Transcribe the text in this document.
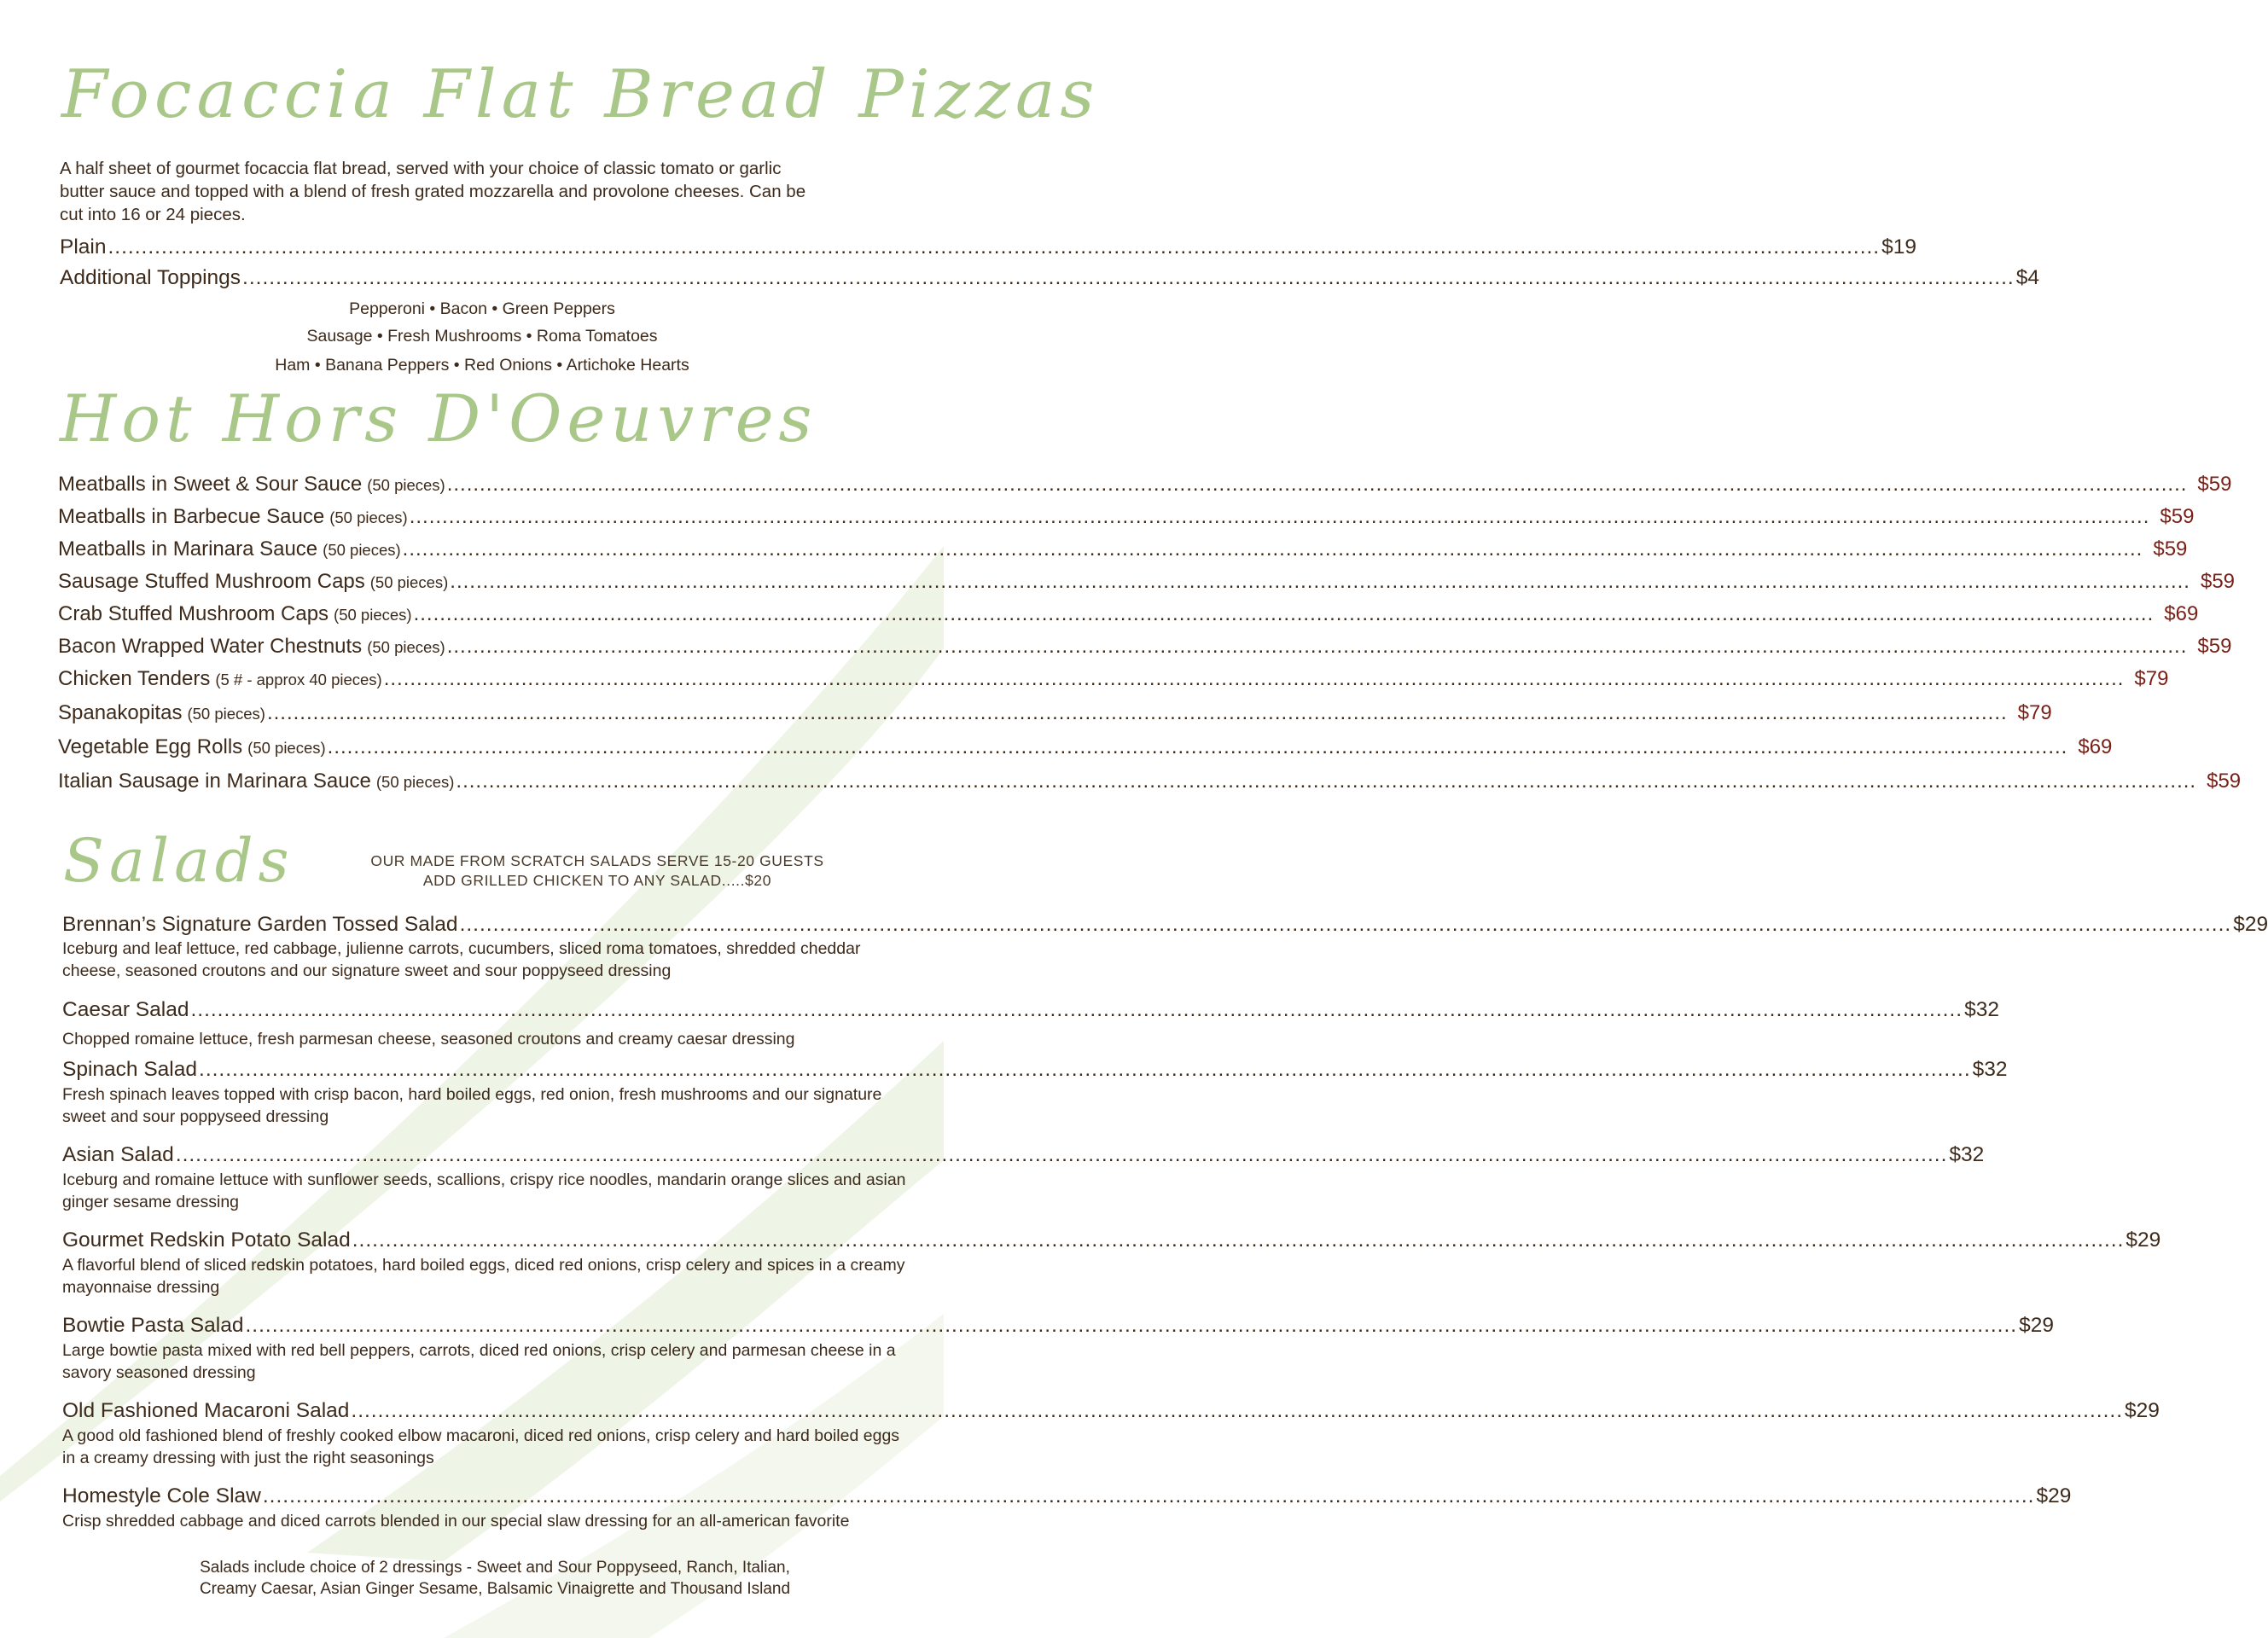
Focaccia Flat Bread Pizzas

A half sheet of gourmet focaccia flat bread, served with your choice of classic tomato or garlic butter sauce and topped with a blend of fresh grated mozzarella and provolone cheeses. Can be cut into 16 or 24 pieces.

Plain .....	$19
Additional Toppings .....	$4

Pepperoni • Bacon • Green Peppers

Sausage • Fresh Mushrooms • Roma Tomatoes

Ham • Banana Peppers • Red Onions • Artichoke Hearts

Hot Hors D'Oeuvres
Meatballs in Sweet & Sour Sauce (50 pieces) .....	$59
Meatballs in Barbecue Sauce (50 pieces) .....	$59
Meatballs in Marinara Sauce (50 pieces) .....	$59
Sausage Stuffed Mushroom Caps (50 pieces) .....	$59
Crab Stuffed Mushroom Caps (50 pieces) .....	$69
Bacon Wrapped Water Chestnuts (50 pieces) .....	$59
Chicken Tenders (5 # - approx 40 pieces) .....	$79
Spanakopitas (50 pieces) .....	$79
Vegetable Egg Rolls (50 pieces) .....	$69
Italian Sausage in Marinara Sauce (50 pieces) .....	$59
Salads	OUR MADE FROM SCRATCH SALADS SERVE 15-20 GUESTS
ADD GRILLED CHICKEN TO ANY SALAD.....$20

Brennan’s Signature Garden Tossed Salad .....	$29

Iceburg and leaf lettuce, red cabbage, julienne carrots, cucumbers, sliced roma tomatoes, shredded cheddar cheese, seasoned croutons and our signature sweet and sour poppyseed dressing

Caesar Salad .....	$32

Chopped romaine lettuce, fresh parmesan cheese, seasoned croutons and creamy caesar dressing

Spinach Salad .....	$32

Fresh spinach leaves topped with crisp bacon, hard boiled eggs, red onion, fresh mushrooms and our signature sweet and sour poppyseed dressing

Asian Salad .....	$32

Iceburg and romaine lettuce with sunflower seeds, scallions, crispy rice noodles, mandarin orange slices and asian ginger sesame dressing

Gourmet Redskin Potato Salad .....	$29

A flavorful blend of sliced redskin potatoes, hard boiled eggs, diced red onions, crisp celery and spices in a creamy mayonnaise dressing

Bowtie Pasta Salad .....	$29

Large bowtie pasta mixed with red bell peppers, carrots, diced red onions, crisp celery and parmesan cheese in a savory seasoned dressing

Old Fashioned Macaroni Salad .....	$29

A good old fashioned blend of freshly cooked elbow macaroni, diced red onions, crisp celery and hard boiled eggs in a creamy dressing with just the right seasonings

Homestyle Cole Slaw .....	$29

Crisp shredded cabbage and diced carrots blended in our special slaw dressing for an all-american favorite

Salads include choice of 2 dressings - Sweet and Sour Poppyseed, Ranch, Italian,
Creamy Caesar, Asian Ginger Sesame, Balsamic Vinaigrette and Thousand Island
